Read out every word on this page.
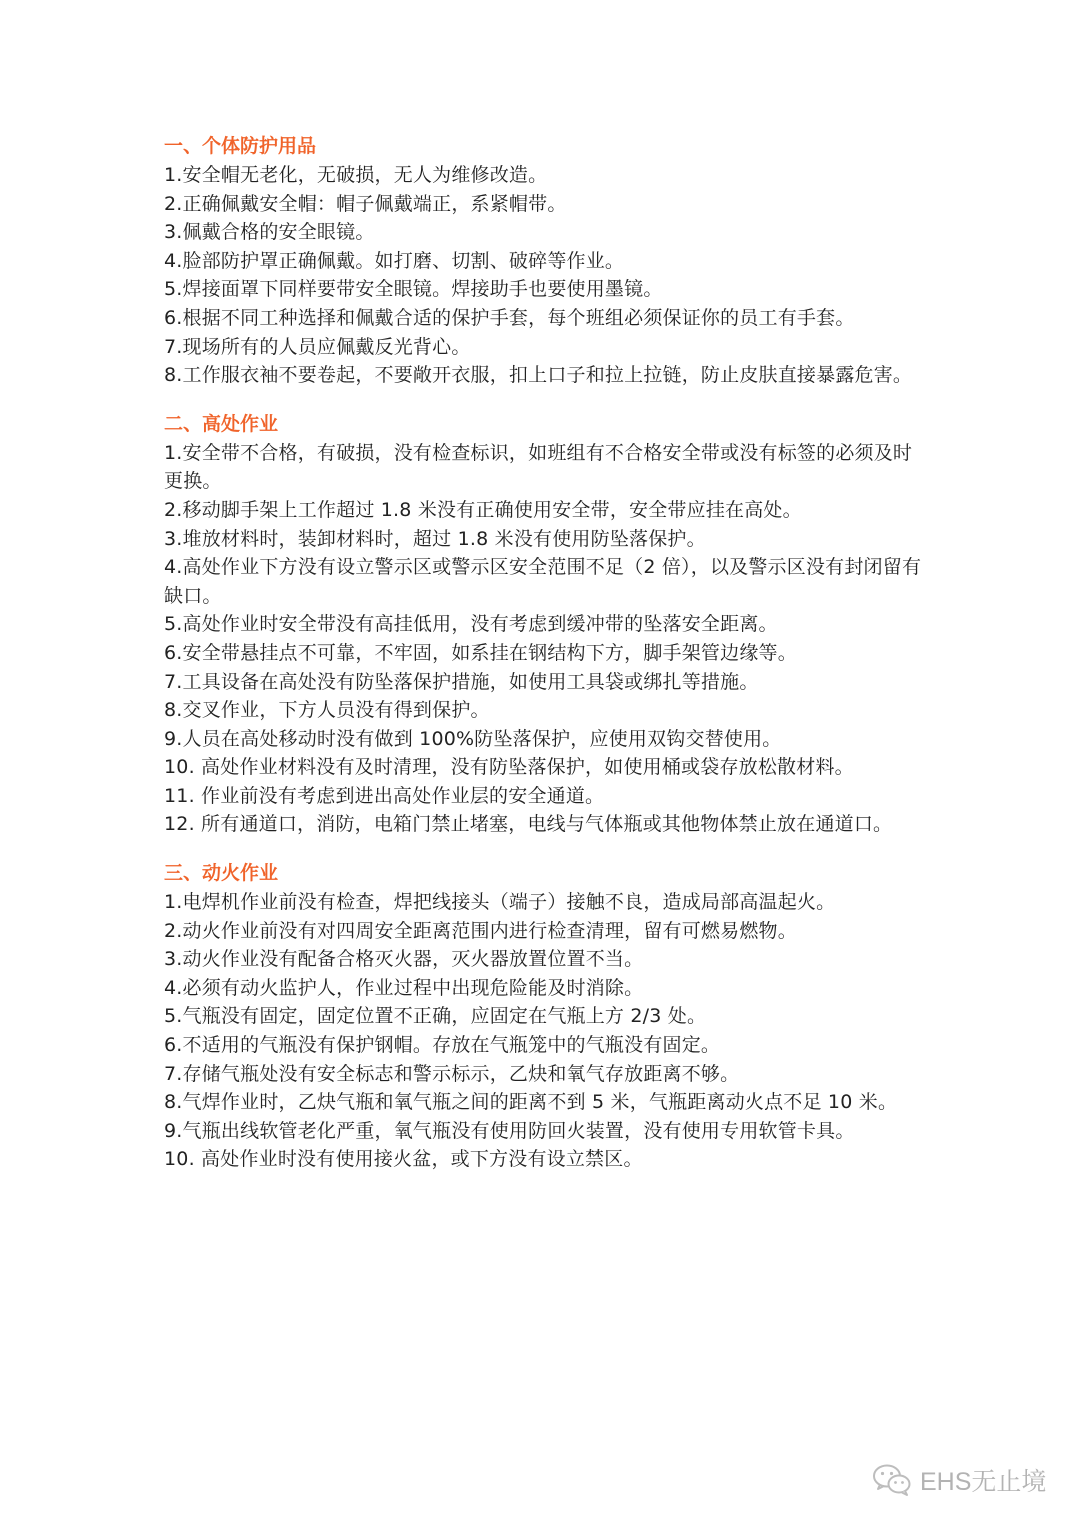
一、个体防护用品

1.安全帽无老化，无破损，无人为维修改造。

2.正确佩戴安全帽：帽子佩戴端正，系紧帽带。

3.佩戴合格的安全眼镜。

4.脸部防护罩正确佩戴。如打磨、切割、破碎等作业。

5.焊接面罩下同样要带安全眼镜。焊接助手也要使用墨镜。

6.根据不同工种选择和佩戴合适的保护手套，每个班组必须保证你的员工有手套。

7.现场所有的人员应佩戴反光背心。

8.工作服衣袖不要卷起，不要敞开衣服，扣上口子和拉上拉链，防止皮肤直接暴露危害。

二、高处作业

1.安全带不合格，有破损，没有检查标识，如班组有不合格安全带或没有标签的必须及时更换。

2.移动脚手架上工作超过 1.8 米没有正确使用安全带，安全带应挂在高处。

3.堆放材料时，装卸材料时，超过 1.8 米没有使用防坠落保护。

4.高处作业下方没有设立警示区或警示区安全范围不足（2 倍），以及警示区没有封闭留有缺口。

5.高处作业时安全带没有高挂低用，没有考虑到缓冲带的坠落安全距离。

6.安全带悬挂点不可靠，不牢固，如系挂在钢结构下方，脚手架管边缘等。

7.工具设备在高处没有防坠落保护措施，如使用工具袋或绑扎等措施。

8.交叉作业，下方人员没有得到保护。

9.人员在高处移动时没有做到 100%防坠落保护，应使用双钩交替使用。

10. 高处作业材料没有及时清理，没有防坠落保护，如使用桶或袋存放松散材料。

11. 作业前没有考虑到进出高处作业层的安全通道。

12. 所有通道口，消防，电箱门禁止堵塞，电线与气体瓶或其他物体禁止放在通道口。

三、动火作业

1.电焊机作业前没有检查，焊把线接头（端子）接触不良，造成局部高温起火。

2.动火作业前没有对四周安全距离范围内进行检查清理，留有可燃易燃物。

3.动火作业没有配备合格灭火器，灭火器放置位置不当。

4.必须有动火监护人，作业过程中出现危险能及时消除。

5.气瓶没有固定，固定位置不正确，应固定在气瓶上方 2/3 处。

6.不适用的气瓶没有保护钢帽。存放在气瓶笼中的气瓶没有固定。

7.存储气瓶处没有安全标志和警示标示，乙炔和氧气存放距离不够。

8.气焊作业时，乙炔气瓶和氧气瓶之间的距离不到 5 米，气瓶距离动火点不足 10 米。

9.气瓶出线软管老化严重，氧气瓶没有使用防回火装置，没有使用专用软管卡具。

10. 高处作业时没有使用接火盆，或下方没有设立禁区。

EHS无止境
